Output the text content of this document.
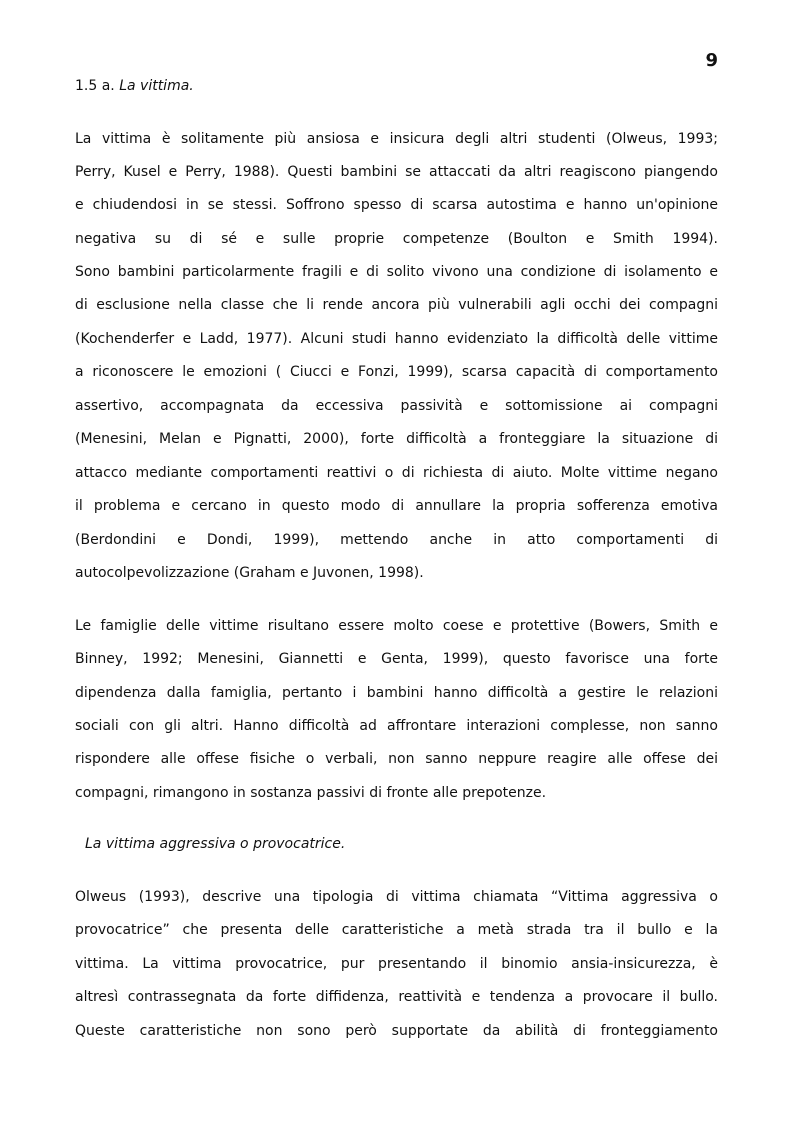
9
1.5 a. La vittima.
La vittima è solitamente più ansiosa e insicura degli altri studenti (Olweus, 1993;
Perry, Kusel e Perry, 1988). Questi bambini se attaccati da altri reagiscono piangendo
e chiudendosi in se stessi. Soffrono spesso di scarsa autostima e hanno un'opinione
negativa su di sé e sulle proprie competenze (Boulton e Smith 1994).
Sono bambini particolarmente fragili e di solito vivono una condizione di isolamento e
di esclusione nella classe che li rende ancora più vulnerabili agli occhi dei compagni
(Kochenderfer e Ladd, 1977). Alcuni studi hanno evidenziato la difficoltà delle vittime
a riconoscere le emozioni ( Ciucci e Fonzi, 1999), scarsa capacità di comportamento
assertivo, accompagnata da eccessiva passività e sottomissione ai compagni
(Menesini, Melan e Pignatti, 2000), forte difficoltà a fronteggiare la situazione di
attacco mediante comportamenti reattivi o di richiesta di aiuto. Molte vittime negano
il problema e cercano in questo modo di annullare la propria sofferenza emotiva
(Berdondini e Dondi, 1999), mettendo anche in atto comportamenti di
autocolpevolizzazione (Graham e Juvonen, 1998).
Le famiglie delle vittime risultano essere molto coese e protettive (Bowers, Smith e
Binney, 1992; Menesini, Giannetti e Genta, 1999), questo favorisce una forte
dipendenza dalla famiglia, pertanto i bambini hanno difficoltà a gestire le relazioni
sociali con gli altri. Hanno difficoltà ad affrontare interazioni complesse, non sanno
rispondere alle offese fisiche o verbali, non sanno neppure reagire alle offese dei
compagni, rimangono in sostanza passivi di fronte alle prepotenze.
La vittima aggressiva o provocatrice.
Olweus (1993), descrive una tipologia di vittima chiamata “Vittima aggressiva o
provocatrice” che presenta delle caratteristiche a metà strada tra il bullo e la
vittima. La vittima provocatrice, pur presentando il binomio ansia-insicurezza, è
altresì contrassegnata da forte diffidenza, reattività e tendenza a provocare il bullo.
Queste caratteristiche non sono però supportate da abilità di fronteggiamento
